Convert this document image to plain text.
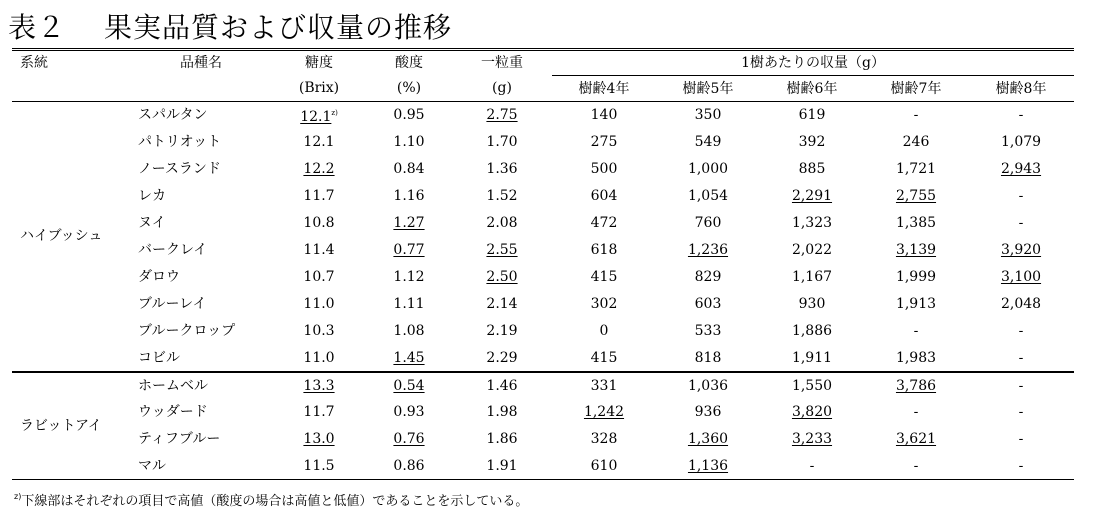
表２ 果実品質および収量の推移
系統	品種名	糖度	酸度	一粒重	1樹あたりの収量（g）				
		(Brix)	(%)	(g)	樹齢4年	樹齢5年	樹齢6年	樹齢7年	樹齢8年
ハイブッシュ	スパルタン	12.1$^{z)}$	0.95	2.75	140	350	619	-	-
	パトリオット	12.1	1.10	1.70	275	549	392	246	1,079
	ノースランド	12.2	0.84	1.36	500	1,000	885	1,721	2,943
	レカ	11.7	1.16	1.52	604	1,054	2,291	2,755	-
	ヌイ	10.8	1.27	2.08	472	760	1,323	1,385	-
	バークレイ	11.4	0.77	2.55	618	1,236	2,022	3,139	3,920
	ダロウ	10.7	1.12	2.50	415	829	1,167	1,999	3,100
	ブルーレイ	11.0	1.11	2.14	302	603	930	1,913	2,048
	ブルークロップ	10.3	1.08	2.19	0	533	1,886	-	-
	コビル	11.0	1.45	2.29	415	818	1,911	1,983	-
ラビットアイ	ホームベル	13.3	0.54	1.46	331	1,036	1,550	3,786	-
	ウッダード	11.7	0.93	1.98	1,242	936	3,820	-	-
	ティフブルー	13.0	0.76	1.86	328	1,360	3,233	3,621	-
	マル	11.5	0.86	1.91	610	1,136	-	-	-
$^{z)}$下線部はそれぞれの項目で高値（酸度の場合は高値と低値）であることを示している。
